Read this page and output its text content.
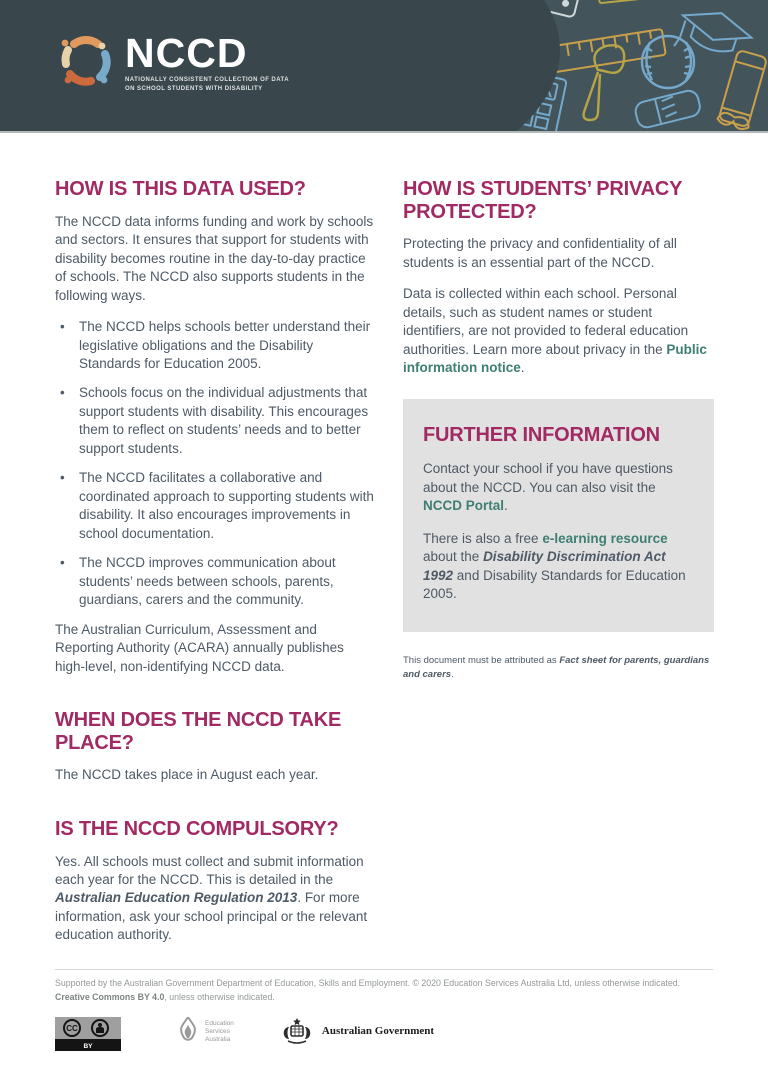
NCCD
NATIONALLY CONSISTENT COLLECTION OF DATA
ON SCHOOL STUDENTS WITH DISABILITY
HOW IS THIS DATA USED?

The NCCD data informs funding and work by schools and sectors. It ensures that support for students with disability becomes routine in the day-to-day practice of schools. The NCCD also supports students in the following ways.

• The NCCD helps schools better understand their legislative obligations and the Disability Standards for Education 2005.
• Schools focus on the individual adjustments that support students with disability. This encourages them to reflect on students’ needs and to better support students.
• The NCCD facilitates a collaborative and coordinated approach to supporting students with disability. It also encourages improvements in school documentation.
• The NCCD improves communication about students’ needs between schools, parents, guardians, carers and the community.

The Australian Curriculum, Assessment and Reporting Authority (ACARA) annually publishes high-level, non-identifying NCCD data.

WHEN DOES THE NCCD TAKE PLACE?

The NCCD takes place in August each year.

IS THE NCCD COMPULSORY?

Yes. All schools must collect and submit information each year for the NCCD. This is detailed in the Australian Education Regulation 2013. For more information, ask your school principal or the relevant education authority.

HOW IS STUDENTS’ PRIVACY PROTECTED?

Protecting the privacy and confidentiality of all students is an essential part of the NCCD.

Data is collected within each school. Personal details, such as student names or student identifiers, are not provided to federal education authorities. Learn more about privacy in the Public information notice.

FURTHER INFORMATION

Contact your school if you have questions about the NCCD. You can also visit the NCCD Portal.

There is also a free e-learning resource about the Disability Discrimination Act 1992 and Disability Standards for Education 2005.

This document must be attributed as Fact sheet for parents, guardians and carers.

Supported by the Australian Government Department of Education, Skills and Employment. © 2020 Education Services Australia Ltd, unless otherwise indicated.
Creative Commons BY 4.0, unless otherwise indicated.
CC
BY
Education
Services
Australia
Australian Government
